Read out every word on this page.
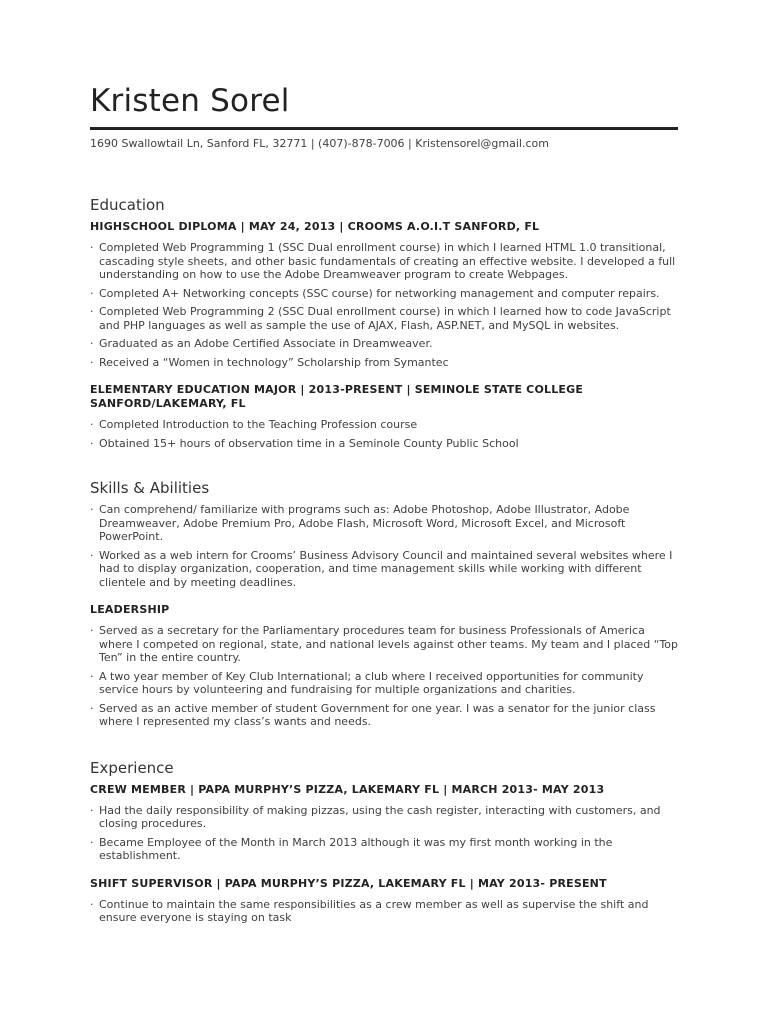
Kristen Sorel
1690 Swallowtail Ln, Sanford FL, 32771 | (407)-878-7006 | Kristensorel@gmail.com
Education
HIGHSCHOOL DIPLOMA | MAY 24, 2013 | CROOMS A.O.I.T SANFORD, FL
· Completed Web Programming 1 (SSC Dual enrollment course) in which I learned HTML 1.0 transitional, cascading style sheets, and other basic fundamentals of creating an effective website. I developed a full understanding on how to use the Adobe Dreamweaver program to create Webpages.
· Completed A+ Networking concepts (SSC course) for networking management and computer repairs.
· Completed Web Programming 2 (SSC Dual enrollment course) in which I learned how to code JavaScript and PHP languages as well as sample the use of AJAX, Flash, ASP.NET, and MySQL in websites.
· Graduated as an Adobe Certified Associate in Dreamweaver.
· Received a “Women in technology” Scholarship from Symantec
ELEMENTARY EDUCATION MAJOR | 2013-PRESENT | SEMINOLE STATE COLLEGE SANFORD/LAKEMARY, FL
· Completed Introduction to the Teaching Profession course
· Obtained 15+ hours of observation time in a Seminole County Public School
Skills & Abilities
· Can comprehend/ familiarize with programs such as: Adobe Photoshop, Adobe Illustrator, Adobe Dreamweaver, Adobe Premium Pro, Adobe Flash, Microsoft Word, Microsoft Excel, and Microsoft PowerPoint.
· Worked as a web intern for Crooms’ Business Advisory Council and maintained several websites where I had to display organization, cooperation, and time management skills while working with different clientele and by meeting deadlines.
LEADERSHIP
· Served as a secretary for the Parliamentary procedures team for business Professionals of America where I competed on regional, state, and national levels against other teams. My team and I placed “Top Ten” in the entire country.
· A two year member of Key Club International; a club where I received opportunities for community service hours by volunteering and fundraising for multiple organizations and charities.
· Served as an active member of student Government for one year. I was a senator for the junior class where I represented my class’s wants and needs.
Experience
CREW MEMBER | PAPA MURPHY’S PIZZA, LAKEMARY FL | MARCH 2013- MAY 2013
· Had the daily responsibility of making pizzas, using the cash register, interacting with customers, and closing procedures.
· Became Employee of the Month in March 2013 although it was my first month working in the establishment.
SHIFT SUPERVISOR | PAPA MURPHY’S PIZZA, LAKEMARY FL | MAY 2013- PRESENT
· Continue to maintain the same responsibilities as a crew member as well as supervise the shift and ensure everyone is staying on task
